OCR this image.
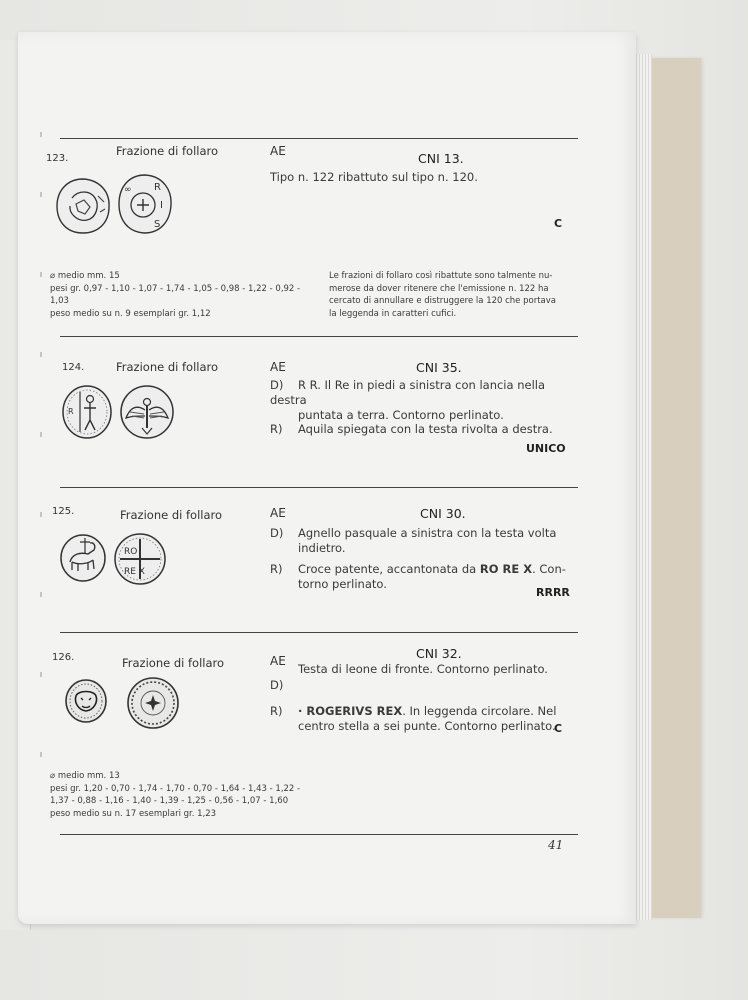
123.
Frazione di follaro	AE	CNI 13.
Tipo n. 122 ribattuto sul tipo n. 120.
C
R
I
S
∞
⌀ medio mm. 15
pesi gr. 0,97 - 1,10 - 1,07 - 1,74 - 1,05 - 0,98 - 1,22 - 0,92 -
1,03
peso medio su n. 9 esemplari gr. 1,12
Le frazioni di follaro così ribattute sono talmente nu-
merose da dover ritenere che l'emissione n. 122 ha
cercato di annullare e distruggere la 120 che portava
la leggenda in caratteri cufici.
124.	Frazione di follaro	AE	CNI 35.
D) R R. Il Re in piedi a sinistra con lancia nella destra
puntata a terra. Contorno perlinato.
R) Aquila spiegata con la testa rivolta a destra.
UNICO
R
125.	Frazione di follaro	AE	CNI 30.
D) Agnello pasquale a sinistra con la testa volta
indietro.
R) Croce patente, accantonata da RO RE X. Con-
torno perlinato.
RRRR
RO
RE X
126.	Frazione di follaro	AE	CNI 32.
Testa di leone di fronte. Contorno perlinato.
D)
R) · ROGERIVS REX. In leggenda circolare. Nel
centro stella a sei punte. Contorno perlinato.
C
⌀ medio mm. 13
pesi gr. 1,20 - 0,70 - 1,74 - 1,70 - 0,70 - 1,64 - 1,43 - 1,22 -
1,37 - 0,88 - 1,16 - 1,40 - 1,39 - 1,25 - 0,56 - 1,07 - 1,60
peso medio su n. 17 esemplari gr. 1,23
41
